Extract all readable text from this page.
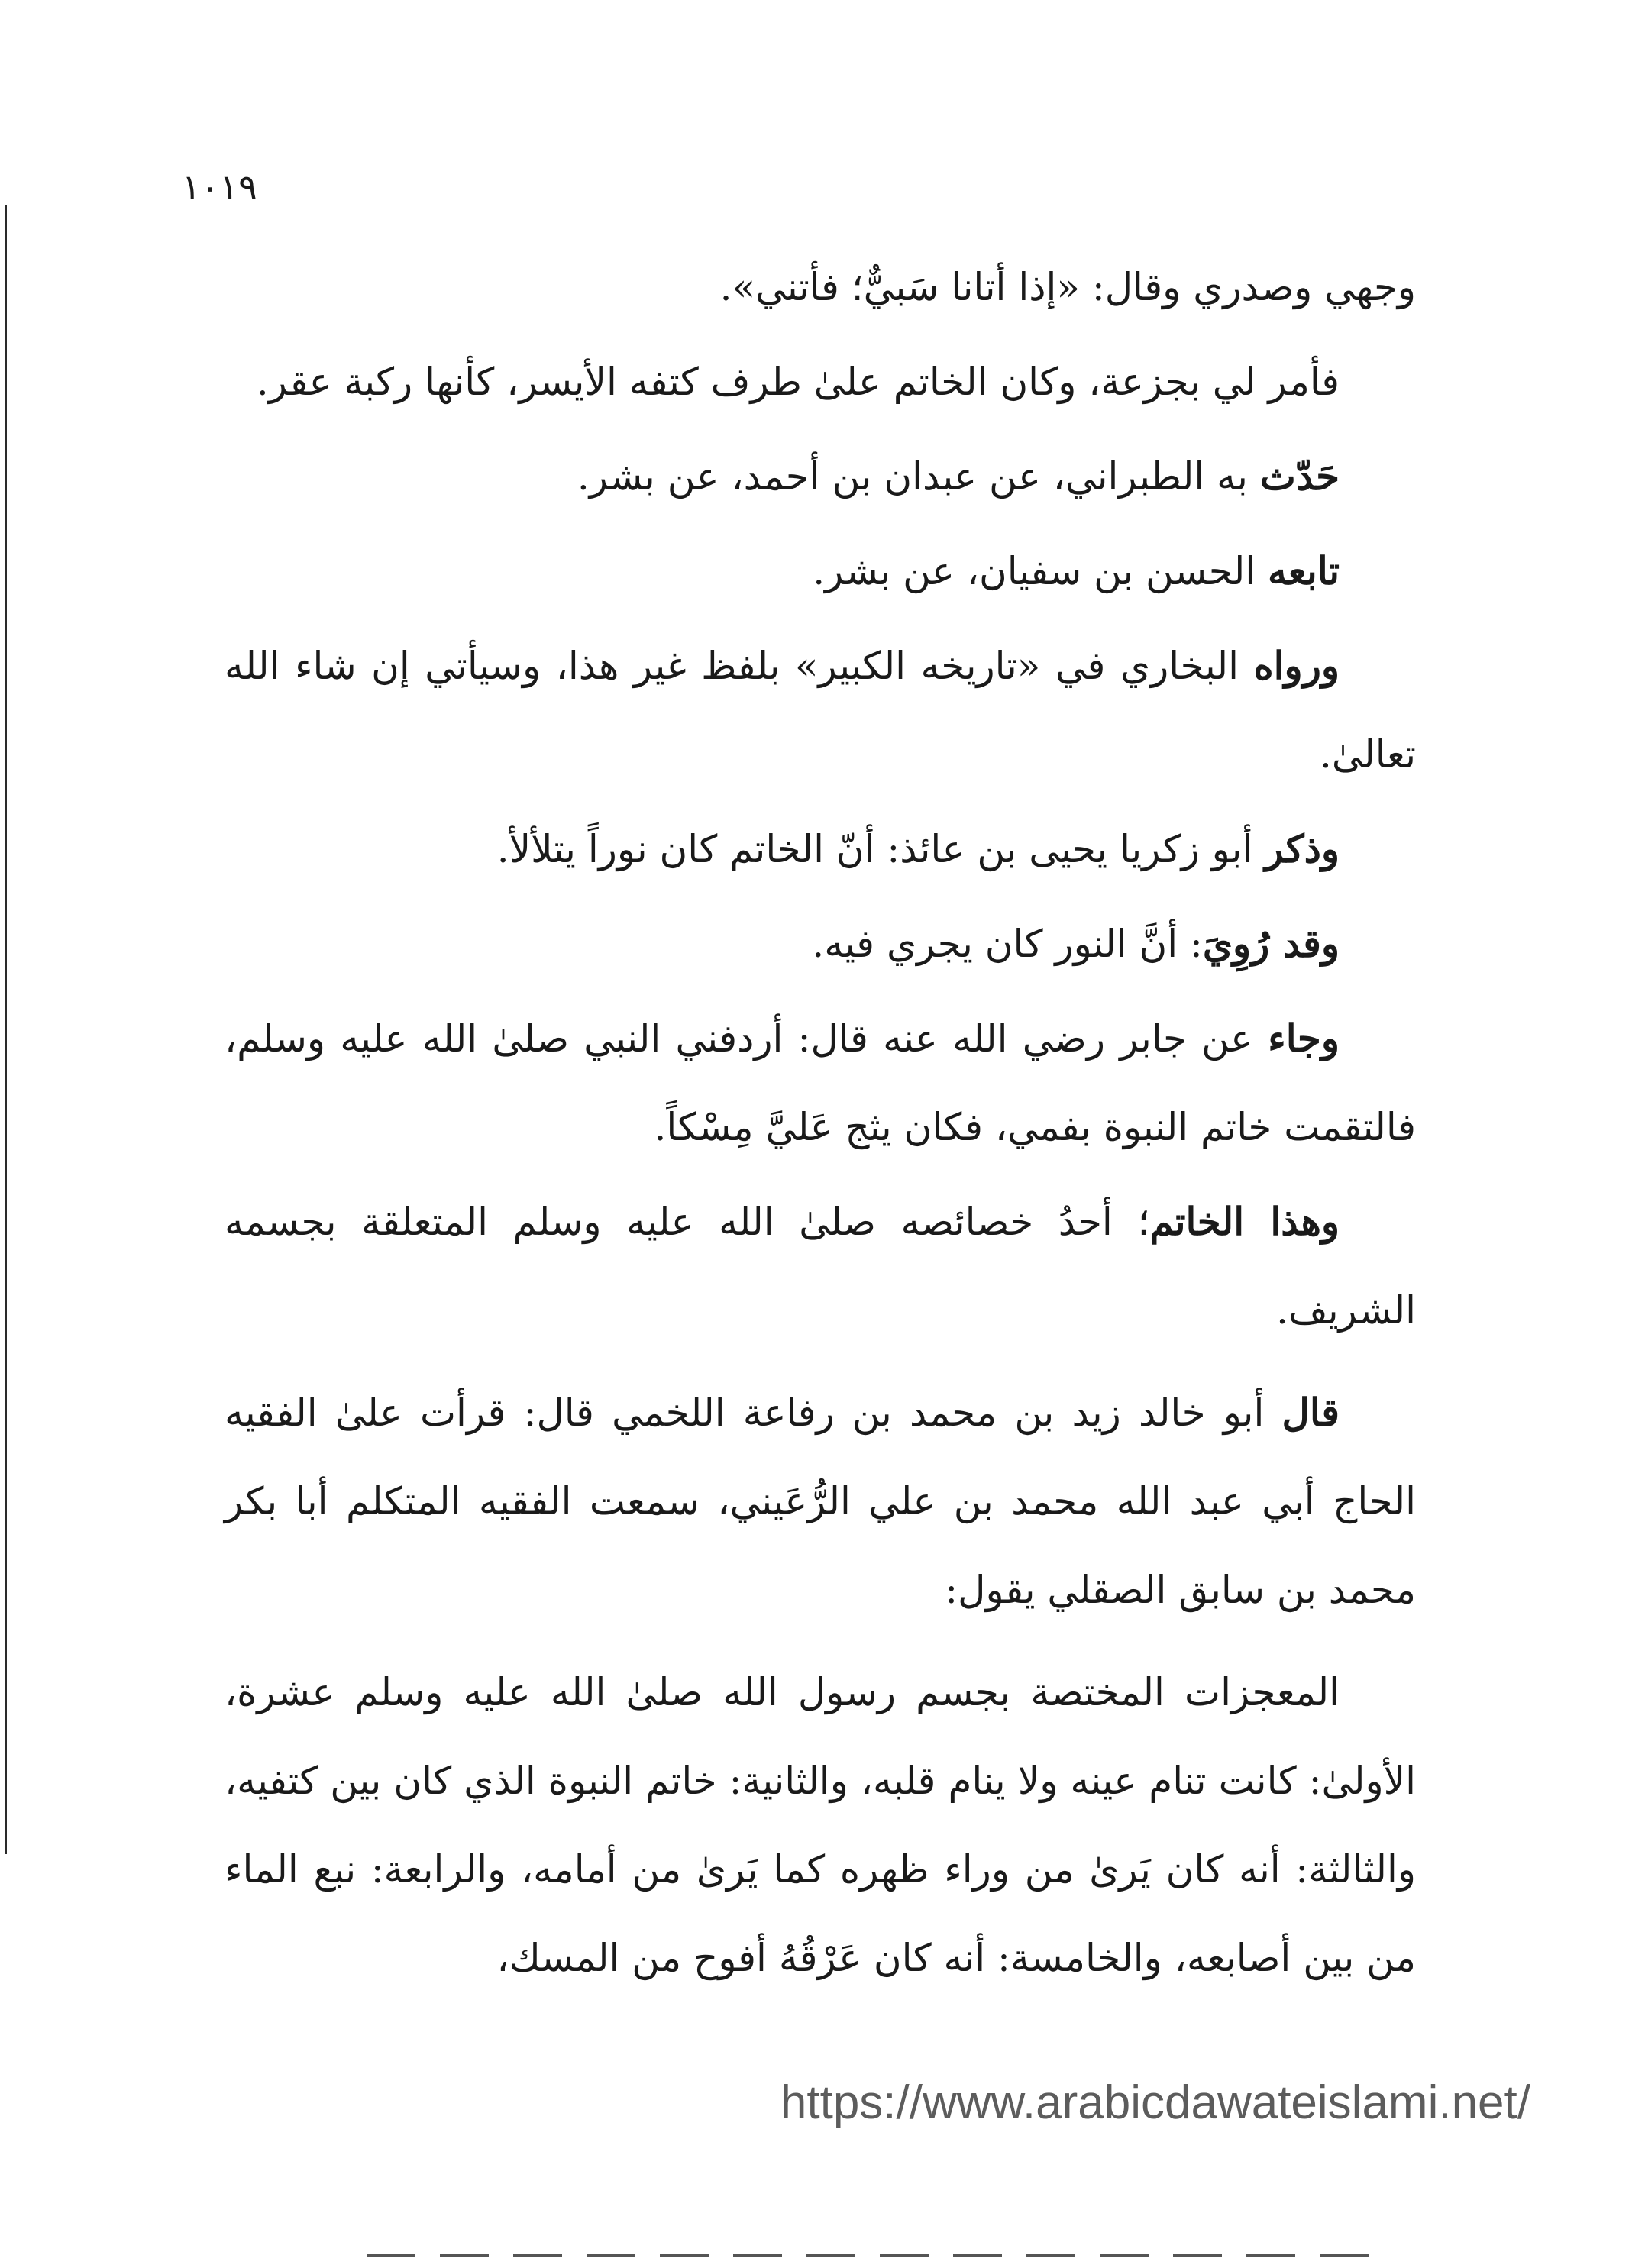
١٠١٩

وجهي وصدري وقال: «إذا أتانا سَبيٌّ؛ فأتني».

فأمر لي بجزعة، وكان الخاتم علىٰ طرف كتفه الأيسر، كأنها ركبة عقر.

حَدّث به الطبراني، عن عبدان بن أحمد، عن بشر.

تابعه الحسن بن سفيان، عن بشر.

ورواه البخاري في «تاريخه الكبير» بلفظ غير هذا، وسيأتي إن شاء الله تعالىٰ.

وذكر أبو زكريا يحيى بن عائذ: أنّ الخاتم كان نوراً يتلألأ.

وقد رُوِيَ: أنَّ النور كان يجري فيه.

وجاء عن جابر رضي الله عنه قال: أردفني النبي صلىٰ الله عليه وسلم، فالتقمت خاتم النبوة بفمي، فكان يثج عَليَّ مِسْكاً.

وهذا الخاتم؛ أحدُ خصائصه صلىٰ الله عليه وسلم المتعلقة بجسمه الشريف.

قال أبو خالد زيد بن محمد بن رفاعة اللخمي قال: قرأت علىٰ الفقيه الحاج أبي عبد الله محمد بن علي الرُّعَيني، سمعت الفقيه المتكلم أبا بكر محمد بن سابق الصقلي يقول:

المعجزات المختصة بجسم رسول الله صلىٰ الله عليه وسلم عشرة، الأولىٰ: كانت تنام عينه ولا ينام قلبه، والثانية: خاتم النبوة الذي كان بين كتفيه، والثالثة: أنه كان يَرىٰ من وراء ظهره كما يَرىٰ من أمامه، والرابعة: نبع الماء من بين أصابعه، والخامسة: أنه كان عَرْقُهُ أفوح من المسك،

https://www.arabicdawateislami.net/
